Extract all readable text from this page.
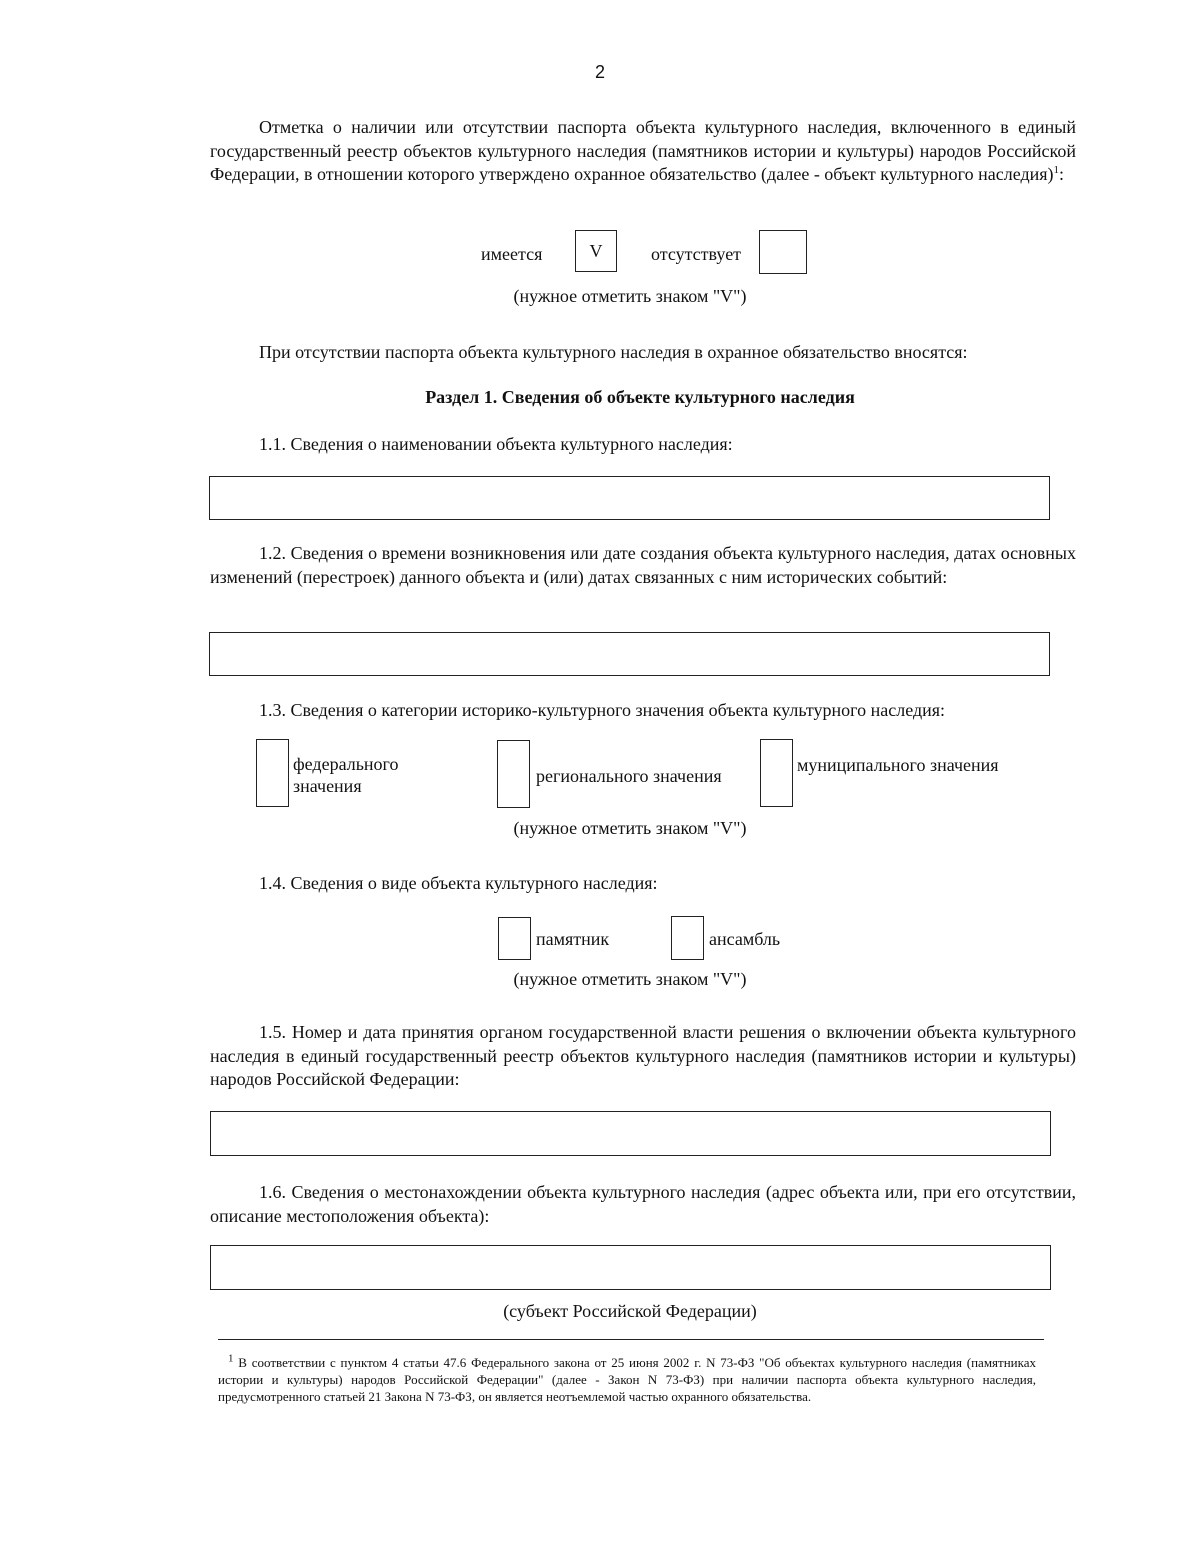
2
Отметка о наличии или отсутствии паспорта объекта культурного наследия, включенного в единый государственный реестр объектов культурного наследия (памятников истории и культуры) народов Российской Федерации, в отношении которого утверждено охранное обязательство (далее - объект культурного наследия)$^1$:
имеется	V	отсутствует
(нужное отметить знаком "V")
При отсутствии паспорта объекта культурного наследия в охранное обязательство вносятся:
Раздел 1. Сведения об объекте культурного наследия
1.1. Сведения о наименовании объекта культурного наследия:
1.2. Сведения о времени возникновения или дате создания объекта культурного наследия, датах основных изменений (перестроек) данного объекта и (или) датах связанных с ним исторических событий:
1.3. Сведения о категории историко-культурного значения объекта культурного наследия:
федерального
значения	регионального значения
муниципального значения
(нужное отметить знаком "V")
1.4. Сведения о виде объекта культурного наследия:
памятник	ансамбль
(нужное отметить знаком "V")
1.5. Номер и дата принятия органом государственной власти решения о включении объекта культурного наследия в единый государственный реестр объектов культурного наследия (памятников истории и культуры) народов Российской Федерации:
1.6. Сведения о местонахождении объекта культурного наследия (адрес объекта или, при его отсутствии, описание местоположения объекта):
(субъект Российской Федерации)
$^1$ В соответствии с пунктом 4 статьи 47.6 Федерального закона от 25 июня 2002 г. N 73-ФЗ "Об объектах культурного наследия (памятниках истории и культуры) народов Российской Федерации" (далее - Закон N 73-ФЗ) при наличии паспорта объекта культурного наследия, предусмотренного статьей 21 Закона N 73-ФЗ, он является неотъемлемой частью охранного обязательства.
